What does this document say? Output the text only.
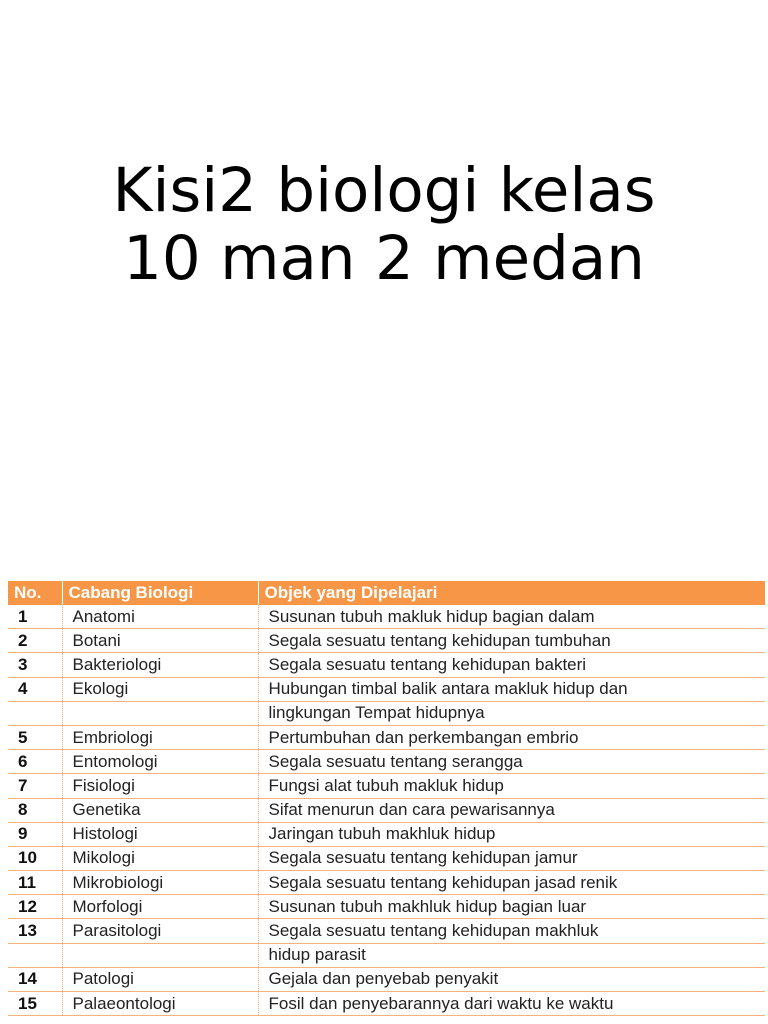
Kisi2 biologi kelas
10 man 2 medan
No.	Cabang Biologi	Objek yang Dipelajari
1	Anatomi	Susunan tubuh makluk hidup bagian dalam
2	Botani	Segala sesuatu tentang kehidupan tumbuhan
3	Bakteriologi	Segala sesuatu tentang kehidupan bakteri
4	Ekologi	Hubungan timbal balik antara makluk hidup dan
		lingkungan Tempat hidupnya
5	Embriologi	Pertumbuhan dan perkembangan embrio
6	Entomologi	Segala sesuatu tentang serangga
7	Fisiologi	Fungsi alat tubuh makluk hidup
8	Genetika	Sifat menurun dan cara pewarisannya
9	Histologi	Jaringan tubuh makhluk hidup
10	Mikologi	Segala sesuatu tentang kehidupan jamur
11	Mikrobiologi	Segala sesuatu tentang kehidupan jasad renik
12	Morfologi	Susunan tubuh makhluk hidup bagian luar
13	Parasitologi	Segala sesuatu tentang kehidupan makhluk
		hidup parasit
14	Patologi	Gejala dan penyebab penyakit
15	Palaeontologi	Fosil dan penyebarannya dari waktu ke waktu
